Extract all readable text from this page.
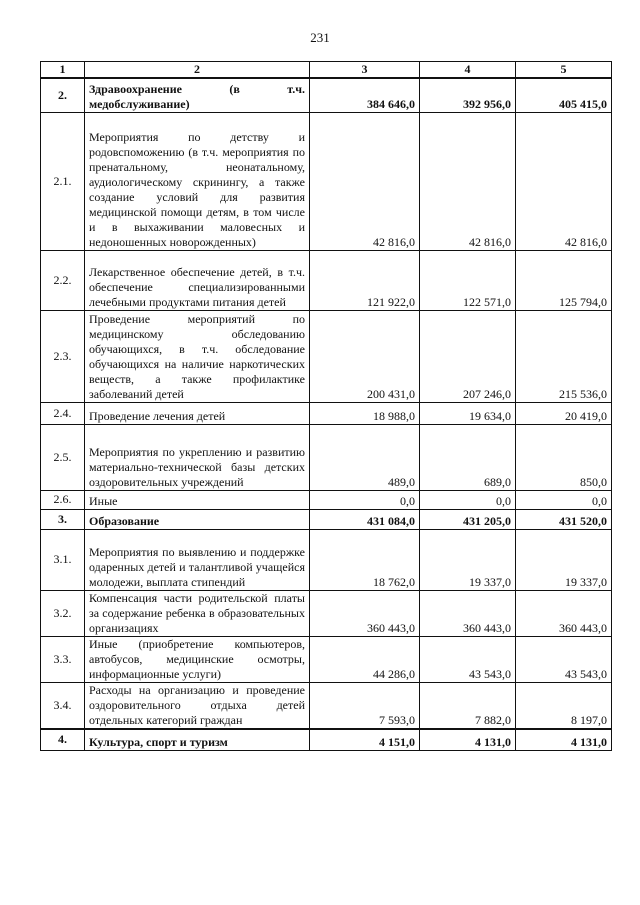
231
1	2	3	4	5
2.	Здравоохранение (в т.ч. медобслуживание)	384 646,0	392 956,0	405 415,0
2.1.	Мероприятия по детству и родовспоможению (в т.ч. мероприятия по пренатальному, неонатальному, аудиологическому скринингу, а также создание условий для развития медицинской помощи детям, в том числе и в выхаживании маловесных и недоношенных новорожденных)	42 816,0	42 816,0	42 816,0
2.2.	Лекарственное обеспечение детей, в т.ч. обеспечение специализированными лечебными продуктами питания детей	121 922,0	122 571,0	125 794,0
2.3.	Проведение мероприятий по медицинскому обследованию обучающихся, в т.ч. обследование обучающихся на наличие наркотических веществ, а также профилактике заболеваний детей	200 431,0	207 246,0	215 536,0
2.4.	Проведение лечения детей	18 988,0	19 634,0	20 419,0
2.5.	Мероприятия по укреплению и развитию материально-технической базы детских оздоровительных учреждений	489,0	689,0	850,0
2.6.	Иные	0,0	0,0	0,0
3.	Образование	431 084,0	431 205,0	431 520,0
3.1.	Мероприятия по выявлению и поддержке одаренных детей и талантливой учащейся молодежи, выплата стипендий	18 762,0	19 337,0	19 337,0
3.2.	Компенсация части родительской платы за содержание ребенка в образовательных организациях	360 443,0	360 443,0	360 443,0
3.3.	Иные (приобретение компьютеров, автобусов, медицинские осмотры, информационные услуги)	44 286,0	43 543,0	43 543,0
3.4.	Расходы на организацию и проведение оздоровительного отдыха детей отдельных категорий граждан	7 593,0	7 882,0	8 197,0
4.	Культура, спорт и туризм	4 151,0	4 131,0	4 131,0
